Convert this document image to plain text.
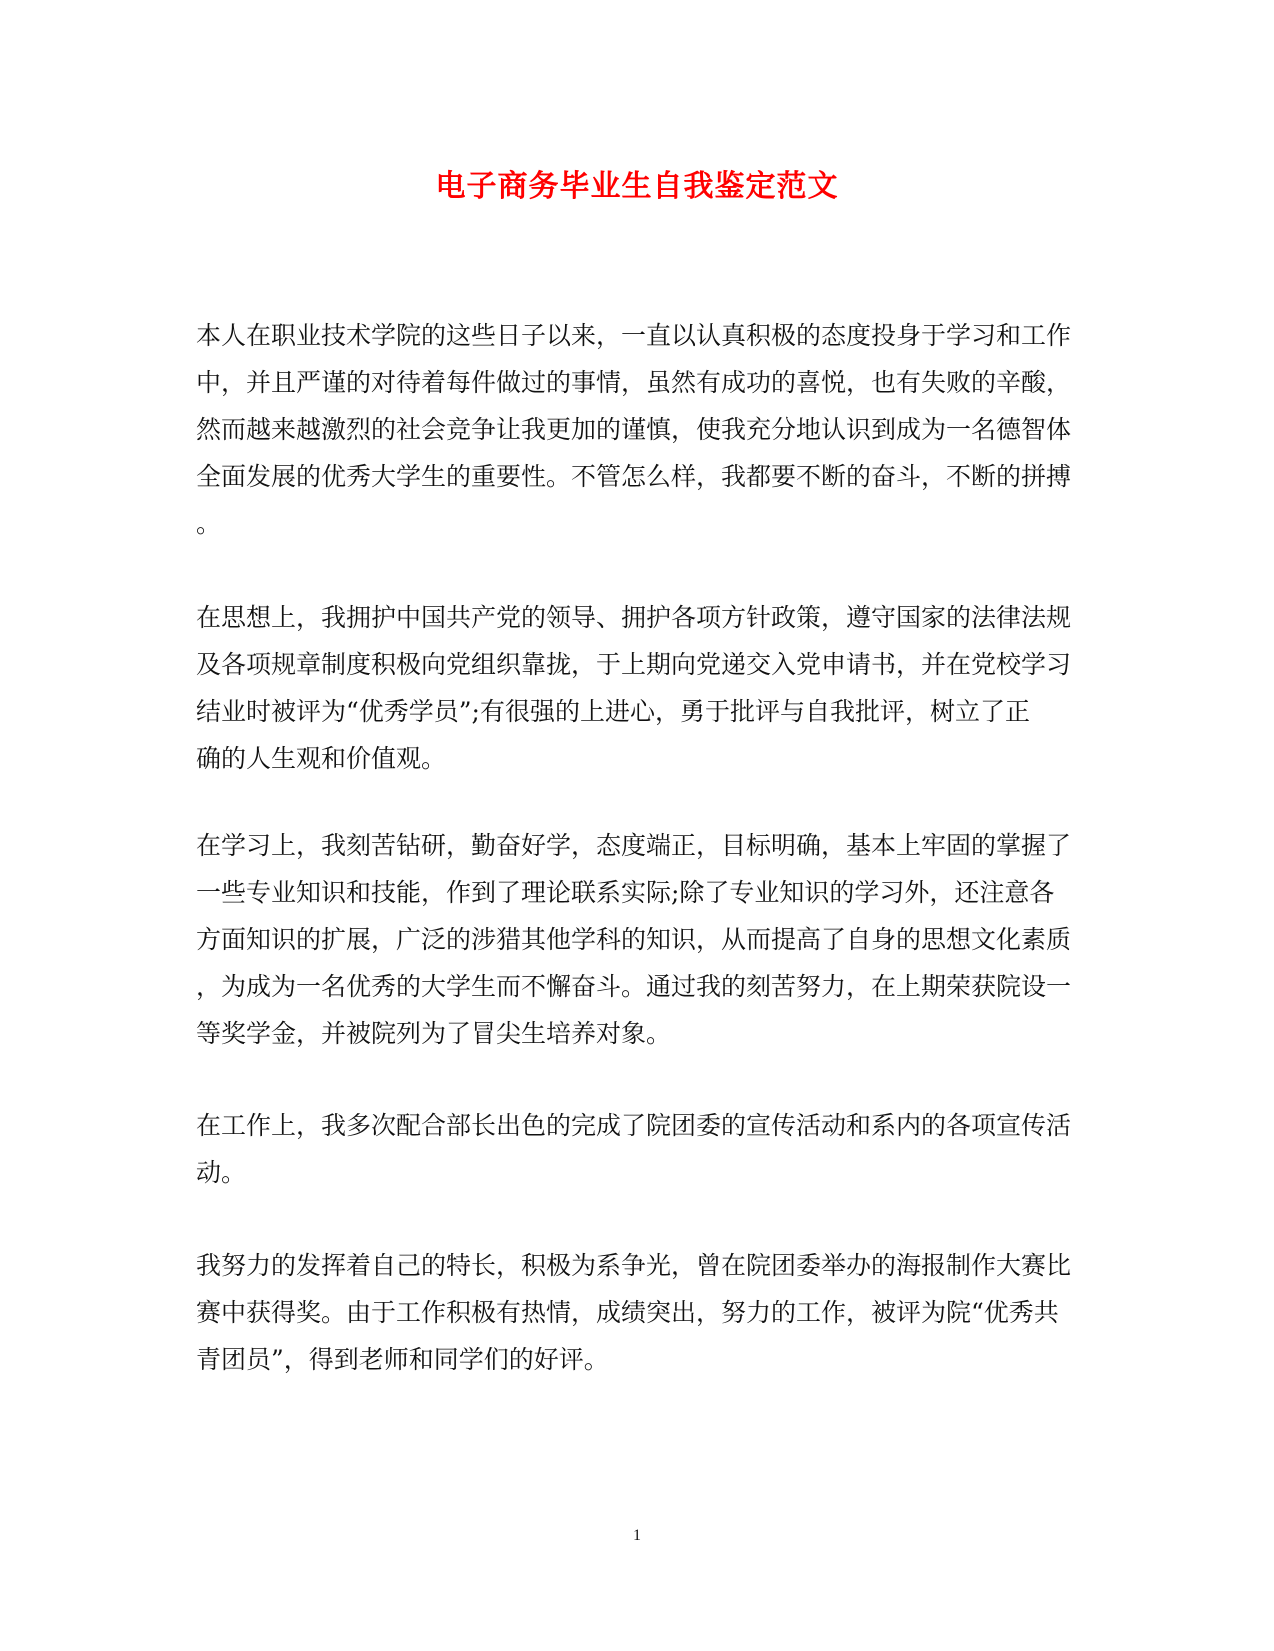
电子商务毕业生自我鉴定范文

本人在职业技术学院的这些日子以来，一直以认真积极的态度投身于学习和工作
中，并且严谨的对待着每件做过的事情，虽然有成功的喜悦，也有失败的辛酸，
然而越来越激烈的社会竞争让我更加的谨慎，使我充分地认识到成为一名德智体
全面发展的优秀大学生的重要性。不管怎么样，我都要不断的奋斗，不断的拼搏
。

在思想上，我拥护中国共产党的领导、拥护各项方针政策，遵守国家的法律法规
及各项规章制度积极向党组织靠拢，于上期向党递交入党申请书，并在党校学习
结业时被评为“优秀学员”;有很强的上进心，勇于批评与自我批评，树立了正
确的人生观和价值观。

在学习上，我刻苦钻研，勤奋好学，态度端正，目标明确，基本上牢固的掌握了
一些专业知识和技能，作到了理论联系实际;除了专业知识的学习外，还注意各
方面知识的扩展，广泛的涉猎其他学科的知识，从而提高了自身的思想文化素质
，为成为一名优秀的大学生而不懈奋斗。通过我的刻苦努力，在上期荣获院设一
等奖学金，并被院列为了冒尖生培养对象。

在工作上，我多次配合部长出色的完成了院团委的宣传活动和系内的各项宣传活
动。

我努力的发挥着自己的特长，积极为系争光，曾在院团委举办的海报制作大赛比
赛中获得奖。由于工作积极有热情，成绩突出，努力的工作，被评为院“优秀共
青团员”，得到老师和同学们的好评。

1
